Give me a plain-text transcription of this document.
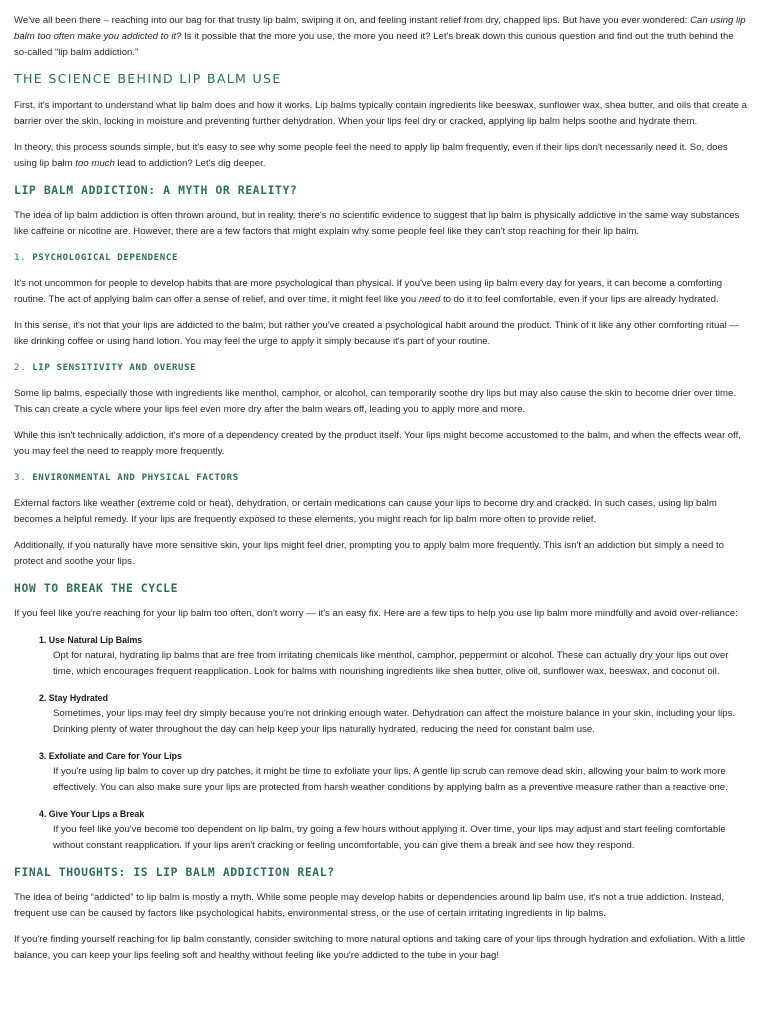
We've all been there – reaching into our bag for that trusty lip balm, swiping it on, and feeling instant relief from dry, chapped lips. But have you ever wondered: Can using lip balm too often make you addicted to it? Is it possible that the more you use, the more you need it? Let's break down this curious question and find out the truth behind the so-called “lip balm addiction.”

THE SCIENCE BEHIND LIP BALM USE

First, it's important to understand what lip balm does and how it works. Lip balms typically contain ingredients like beeswax, sunflower wax, shea butter, and oils that create a barrier over the skin, locking in moisture and preventing further dehydration. When your lips feel dry or cracked, applying lip balm helps soothe and hydrate them.

In theory, this process sounds simple, but it's easy to see why some people feel the need to apply lip balm frequently, even if their lips don't necessarily need it. So, does using lip balm too much lead to addiction? Let's dig deeper.

LIP BALM ADDICTION: A MYTH OR REALITY?

The idea of lip balm addiction is often thrown around, but in reality, there's no scientific evidence to suggest that lip balm is physically addictive in the same way substances like caffeine or nicotine are. However, there are a few factors that might explain why some people feel like they can't stop reaching for their lip balm.

1. PSYCHOLOGICAL DEPENDENCE

It's not uncommon for people to develop habits that are more psychological than physical. If you've been using lip balm every day for years, it can become a comforting routine. The act of applying balm can offer a sense of relief, and over time, it might feel like you need to do it to feel comfortable, even if your lips are already hydrated.

In this sense, it's not that your lips are addicted to the balm, but rather you've created a psychological habit around the product. Think of it like any other comforting ritual — like drinking coffee or using hand lotion. You may feel the urge to apply it simply because it's part of your routine.

2. LIP SENSITIVITY AND OVERUSE

Some lip balms, especially those with ingredients like menthol, camphor, or alcohol, can temporarily soothe dry lips but may also cause the skin to become drier over time. This can create a cycle where your lips feel even more dry after the balm wears off, leading you to apply more and more.

While this isn't technically addiction, it's more of a dependency created by the product itself. Your lips might become accustomed to the balm, and when the effects wear off, you may feel the need to reapply more frequently.

3. ENVIRONMENTAL AND PHYSICAL FACTORS

External factors like weather (extreme cold or heat), dehydration, or certain medications can cause your lips to become dry and cracked. In such cases, using lip balm becomes a helpful remedy. If your lips are frequently exposed to these elements, you might reach for lip balm more often to provide relief.

Additionally, if you naturally have more sensitive skin, your lips might feel drier, prompting you to apply balm more frequently. This isn't an addiction but simply a need to protect and soothe your lips.

HOW TO BREAK THE CYCLE

If you feel like you're reaching for your lip balm too often, don't worry — it's an easy fix. Here are a few tips to help you use lip balm more mindfully and avoid over-reliance:

1. Use Natural Lip Balms
Opt for natural, hydrating lip balms that are free from irritating chemicals like menthol, camphor, peppermint or alcohol. These can actually dry your lips out over time, which encourages frequent reapplication. Look for balms with nourishing ingredients like shea butter, olive oil, sunflower wax, beeswax, and coconut oil.
2. Stay Hydrated
Sometimes, your lips may feel dry simply because you're not drinking enough water. Dehydration can affect the moisture balance in your skin, including your lips. Drinking plenty of water throughout the day can help keep your lips naturally hydrated, reducing the need for constant balm use.
3. Exfoliate and Care for Your Lips
If you're using lip balm to cover up dry patches, it might be time to exfoliate your lips. A gentle lip scrub can remove dead skin, allowing your balm to work more effectively. You can also make sure your lips are protected from harsh weather conditions by applying balm as a preventive measure rather than a reactive one.
4. Give Your Lips a Break
If you feel like you've become too dependent on lip balm, try going a few hours without applying it. Over time, your lips may adjust and start feeling comfortable without constant reapplication. If your lips aren't cracking or feeling uncomfortable, you can give them a break and see how they respond.
FINAL THOUGHTS: IS LIP BALM ADDICTION REAL?

The idea of being “addicted” to lip balm is mostly a myth. While some people may develop habits or dependencies around lip balm use, it's not a true addiction. Instead, frequent use can be caused by factors like psychological habits, environmental stress, or the use of certain irritating ingredients in lip balms.

If you're finding yourself reaching for lip balm constantly, consider switching to more natural options and taking care of your lips through hydration and exfoliation. With a little balance, you can keep your lips feeling soft and healthy without feeling like you're addicted to the tube in your bag!
